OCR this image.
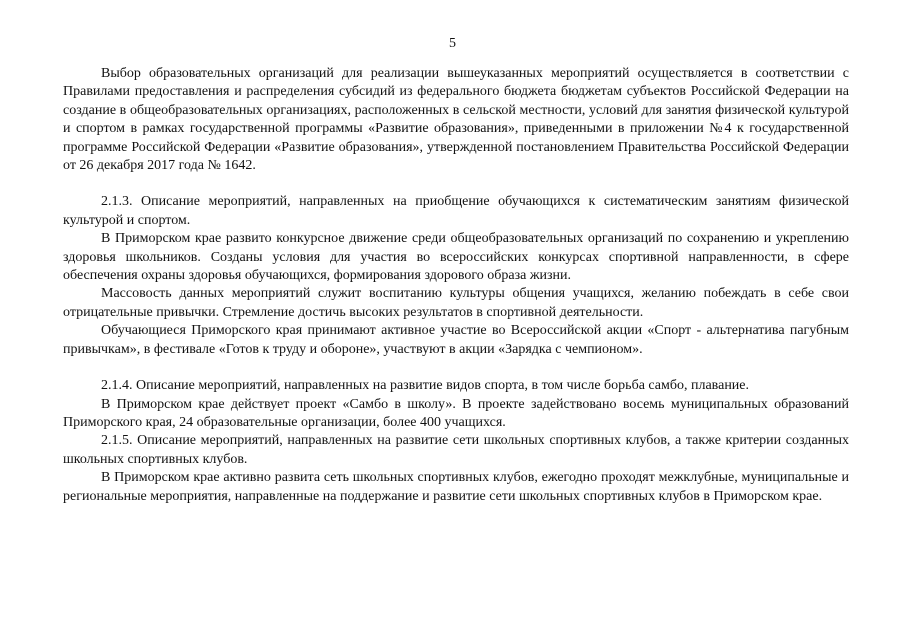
5

Выбор образовательных организаций для реализации вышеуказанных мероприятий осуществляется в соответствии с Правилами предоставления и распределения субсидий из федерального бюджета бюджетам субъектов Российской Федерации на создание в общеобразовательных организациях, расположенных в сельской местности, условий для занятия физической культурой и спортом в рамках государственной программы «Развитие образования», приведенными в приложении №4 к государственной программе Российской Федерации «Развитие образования», утвержденной постановлением Правительства Российской Федерации от 26 декабря 2017 года № 1642.

2.1.3. Описание мероприятий, направленных на приобщение обучающихся к систематическим занятиям физической культурой и спортом.

В Приморском крае развито конкурсное движение среди общеобразовательных организаций по сохранению и укреплению здоровья школьников. Созданы условия для участия во всероссийских конкурсах спортивной направленности, в сфере обеспечения охраны здоровья обучающихся, формирования здорового образа жизни.

Массовость данных мероприятий служит воспитанию культуры общения учащихся, желанию побеждать в себе свои отрицательные привычки. Стремление достичь высоких результатов в спортивной деятельности.

Обучающиеся Приморского края принимают активное участие во Всероссийской акции «Спорт - альтернатива пагубным привычкам», в фестивале «Готов к труду и обороне», участвуют в акции «Зарядка с чемпионом».

2.1.4. Описание мероприятий, направленных на развитие видов спорта, в том числе борьба самбо, плавание.

В Приморском крае действует проект «Самбо в школу». В проекте задействовано восемь муниципальных образований Приморского края, 24 образовательные организации, более 400 учащихся.

2.1.5. Описание мероприятий, направленных на развитие сети школьных спортивных клубов, а также критерии созданных школьных спортивных клубов.

В Приморском крае активно развита сеть школьных спортивных клубов, ежегодно проходят межклубные, муниципальные и региональные мероприятия, направленные на поддержание и развитие сети школьных спортивных клубов в Приморском крае.
